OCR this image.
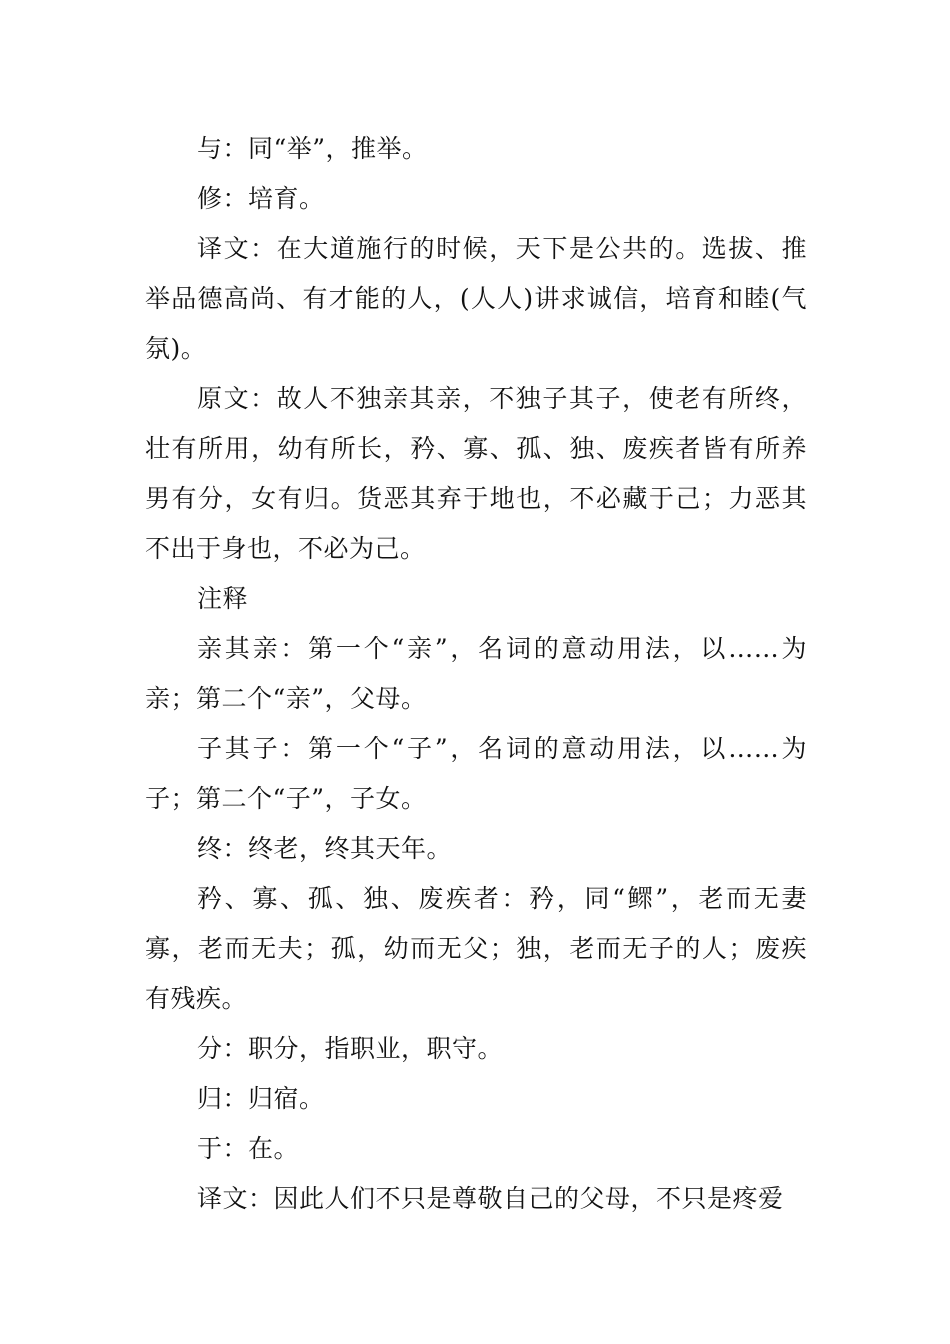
与：同“举”，推举。

修：培育。

译文：在大道施行的时候，天下是公共的。选拔、推举品德高尚、有才能的人，(人人)讲求诚信，培育和睦(气氛)。

原文：故人不独亲其亲，不独子其子，使老有所终，壮有所用，幼有所长，矜、寡、孤、独、废疾者皆有所养男有分，女有归。货恶其弃于地也，不必藏于己；力恶其不出于身也，不必为己。

注释

亲其亲：第一个“亲”，名词的意动用法，以……为亲；第二个“亲”，父母。

子其子：第一个“子”，名词的意动用法，以……为子；第二个“子”，子女。

终：终老，终其天年。

矜、寡、孤、独、废疾者：矜，同“鳏”，老而无妻寡，老而无夫；孤，幼而无父；独，老而无子的人；废疾有残疾。

分：职分，指职业，职守。

归：归宿。

于：在。

译文：因此人们不只是尊敬自己的父母，不只是疼爱
